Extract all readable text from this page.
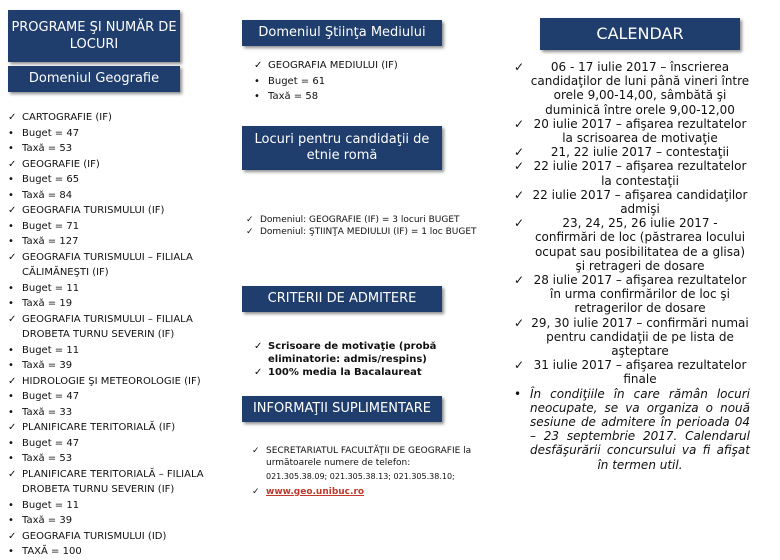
PROGRAME ŞI NUMĂR DE LOCURI
Domeniul Geografie
✓ CARTOGRAFIE (IF)
• Buget = 47
• Taxă = 53
✓ GEOGRAFIE (IF)
• Buget = 65
• Taxă = 84
✓ GEOGRAFIA TURISMULUI (IF)
• Buget = 71
• Taxă = 127
✓ GEOGRAFIA TURISMULUI – FILIALA CĂLIMĂNEŞTI (IF)
• Buget = 11
• Taxă = 19
✓ GEOGRAFIA TURISMULUI – FILIALA DROBETA TURNU SEVERIN (IF)
• Buget = 11
• Taxă = 39
✓ HIDROLOGIE ŞI METEOROLOGIE (IF)
• Buget = 47
• Taxă = 33
✓ PLANIFICARE TERITORIALĂ (IF)
• Buget = 47
• Taxă = 53
✓ PLANIFICARE TERITORIALĂ – FILIALA DROBETA TURNU SEVERIN (IF)
• Buget = 11
• Taxă = 39
✓ GEOGRAFIA TURISMULUI (ID)
• TAXĂ = 100
Domeniul Ştiinţa Mediului
✓ GEOGRAFIA MEDIULUI (IF)
• Buget = 61
• Taxă = 58
Locuri pentru candidaţii de etnie romă
✓ Domeniul: GEOGRAFIE (IF) = 3 locuri BUGET
✓ Domeniul: ŞTIINŢA MEDIULUI (IF) = 1 loc BUGET
CRITERII DE ADMITERE
✓ Scrisoare de motivaţie (probă eliminatorie: admis/respins)
✓ 100% media la Bacalaureat
INFORMAŢII SUPLIMENTARE
✓ SECRETARIATUL FACULTĂŢII DE GEOGRAFIE la următoarele numere de telefon:
021.305.38.09; 021.305.38.13; 021.305.38.10;
✓ www.geo.unibuc.ro
CALENDAR
✓ 06 - 17 iulie 2017 – înscrierea candidaţilor de luni până vineri între orele 9,00-14,00, sâmbătă şi duminică între orele 9,00-12,00
✓ 20 iulie 2017 – afişarea rezultatelor la scrisoarea de motivaţie
✓ 21, 22 iulie 2017 – contestaţii
✓ 22 iulie 2017 – afişarea rezultatelor la contestaţii
✓ 22 iulie 2017 – afişarea candidaţilor admişi
✓	23, 24, 25, 26 iulie 2017 - confirmări de loc (păstrarea locului ocupat sau posibilitatea de a glisa) şi retrageri de dosare
✓ 28 iulie 2017 – afişarea rezultatelor în urma confirmărilor de loc şi retragerilor de dosare
✓ 29, 30 iulie 2017 – confirmări numai pentru candidaţii de pe lista de aşteptare
✓ 31 iulie 2017 – afişarea rezultatelor finale
• În condiţiile în care rămân locuri neocupate, se va organiza o nouă sesiune de admitere în perioada 04 – 23 septembrie 2017. Calendarul desfăşurării concursului va fi afişat în termen util.
